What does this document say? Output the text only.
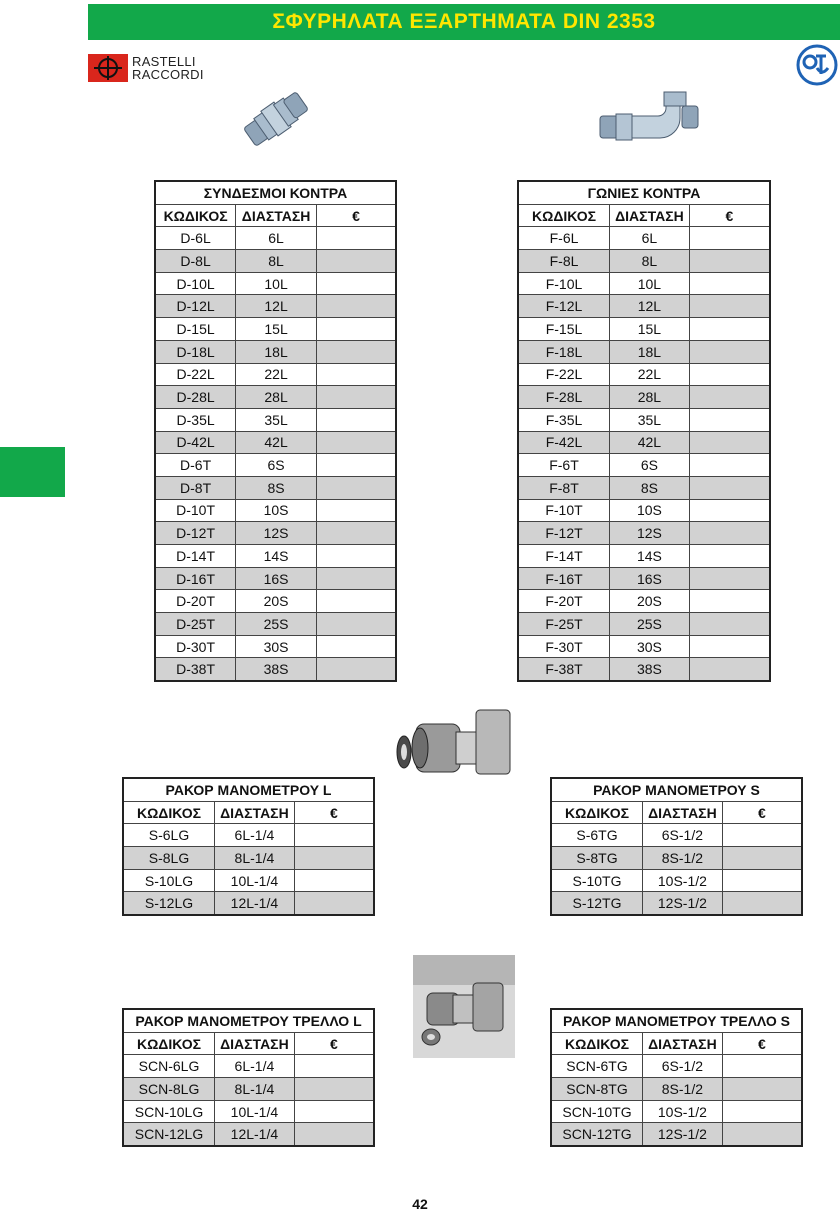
ΣΦΥΡΗΛΑΤΑ ΕΞΑΡΤΗΜΑΤΑ DIN 2353
RASTELLI
RACCORDI
ΣΥΝΔΕΣΜΟΙ ΚΟΝΤΡΑ		
ΚΩΔΙΚΟΣ	ΔΙΑΣΤΑΣΗ	€
D-6L	6L	
D-8L	8L	
D-10L	10L	
D-12L	12L	
D-15L	15L	
D-18L	18L	
D-22L	22L	
D-28L	28L	
D-35L	35L	
D-42L	42L	
D-6T	6S	
D-8T	8S	
D-10T	10S	
D-12T	12S	
D-14T	14S	
D-16T	16S	
D-20T	20S	
D-25T	25S	
D-30T	30S	
D-38T	38S	
ΓΩΝΙΕΣ ΚΟΝΤΡΑ		
ΚΩΔΙΚΟΣ	ΔΙΑΣΤΑΣΗ	€
F-6L	6L	
F-8L	8L	
F-10L	10L	
F-12L	12L	
F-15L	15L	
F-18L	18L	
F-22L	22L	
F-28L	28L	
F-35L	35L	
F-42L	42L	
F-6T	6S	
F-8T	8S	
F-10T	10S	
F-12T	12S	
F-14T	14S	
F-16T	16S	
F-20T	20S	
F-25T	25S	
F-30T	30S	
F-38T	38S	
ΡΑΚΟΡ ΜΑΝΟΜΕΤΡΟΥ L		
ΚΩΔΙΚΟΣ	ΔΙΑΣΤΑΣΗ	€
S-6LG	6L-1/4	
S-8LG	8L-1/4	
S-10LG	10L-1/4	
S-12LG	12L-1/4	
ΡΑΚΟΡ ΜΑΝΟΜΕΤΡΟΥ S		
ΚΩΔΙΚΟΣ	ΔΙΑΣΤΑΣΗ	€
S-6TG	6S-1/2	
S-8TG	8S-1/2	
S-10TG	10S-1/2	
S-12TG	12S-1/2	
ΡΑΚΟΡ ΜΑΝΟΜΕΤΡΟΥ ΤΡΕΛΛΟ L		
ΚΩΔΙΚΟΣ	ΔΙΑΣΤΑΣΗ	€
SCN-6LG	6L-1/4	
SCN-8LG	8L-1/4	
SCN-10LG	10L-1/4	
SCN-12LG	12L-1/4	
ΡΑΚΟΡ ΜΑΝΟΜΕΤΡΟΥ ΤΡΕΛΛΟ S		
ΚΩΔΙΚΟΣ	ΔΙΑΣΤΑΣΗ	€
SCN-6TG	6S-1/2	
SCN-8TG	8S-1/2	
SCN-10TG	10S-1/2	
SCN-12TG	12S-1/2	
42
